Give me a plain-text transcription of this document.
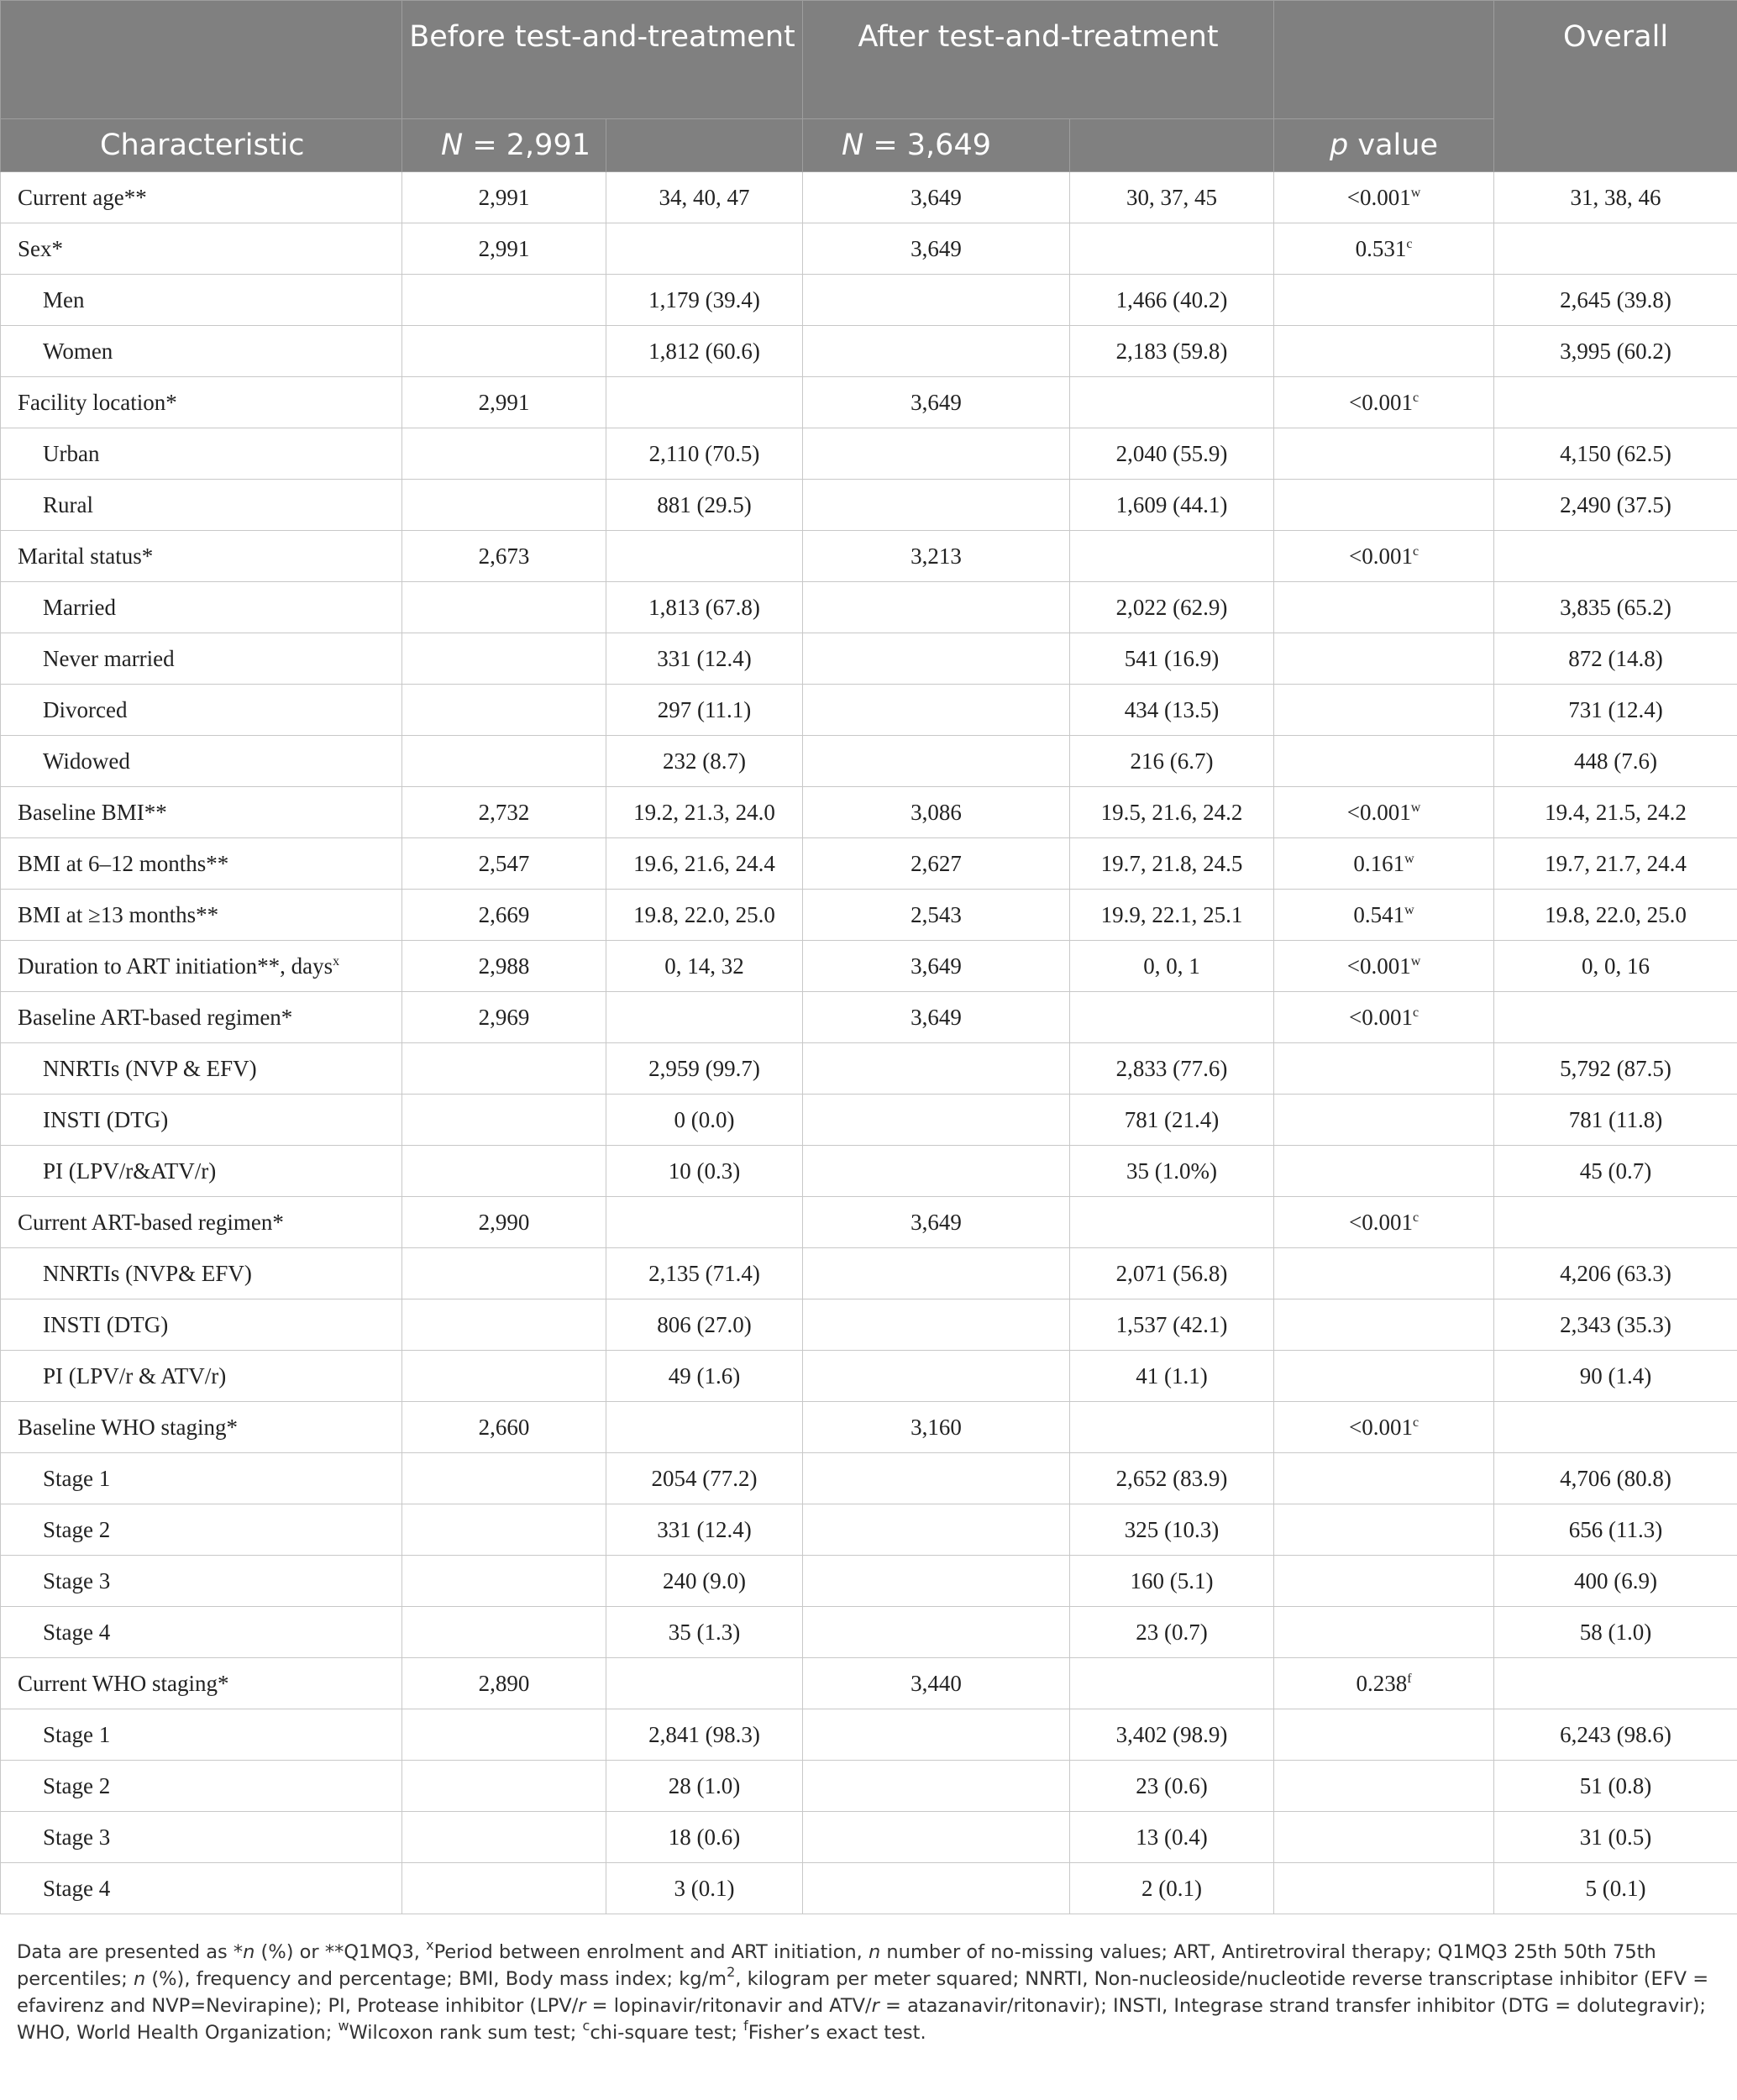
	Before test-and-treatment		After test-and-treatment			Overall
Characteristic	N = 2,991		N = 3,649		p value	
Current age**	2,991	34, 40, 47	3,649	30, 37, 45	$<0.001^w$	31, 38, 46
Sex*	2,991		3,649		0.531$^c$	
Men		1,179 (39.4)		1,466 (40.2)		2,645 (39.8)
Women		1,812 (60.6)		2,183 (59.8)		3,995 (60.2)
Facility location*	2,991		3,649		<0.001$^c$	
Urban		2,110 (70.5)		2,040 (55.9)		4,150 (62.5)
Rural		881 (29.5)		1,609 (44.1)		2,490 (37.5)
Marital status*	2,673		3,213		<0.001$^c$	
Married		1,813 (67.8)		2,022 (62.9)		3,835 (65.2)
Never married		331 (12.4)		541 (16.9)		872 (14.8)
Divorced		297 (11.1)		434 (13.5)		731 (12.4)
Widowed		232 (8.7)		216 (6.7)		448 (7.6)
Baseline BMI**	2,732	19.2, 21.3, 24.0	3,086	19.5, 21.6, 24.2	$<0.001^w$	19.4, 21.5, 24.2
BMI at 6–12 months**	2,547	19.6, 21.6, 24.4	2,627	19.7, 21.8, 24.5	0.161$^w$	19.7, 21.7, 24.4
BMI at ≥13 months**	2,669	19.8, 22.0, 25.0	2,543	19.9, 22.1, 25.1	0.541$^w$	19.8, 22.0, 25.0
Duration to ART initiation**, days$^x$	2,988	0, 14, 32	3,649	0, 0, 1	$<0.001^w$	0, 0, 16
Baseline ART-based regimen*	2,969		3,649		<0.001$^c$	
NNRTIs (NVP & EFV)		2,959 (99.7)		2,833 (77.6)		5,792 (87.5)
INSTI (DTG)		0 (0.0)		781 (21.4)		781 (11.8)
PI (LPV/r&ATV/r)		10 (0.3)		35 (1.0%)		45 (0.7)
Current ART-based regimen*	2,990		3,649		<0.001$^c$	
NNRTIs (NVP& EFV)		2,135 (71.4)		2,071 (56.8)		4,206 (63.3)
INSTI (DTG)		806 (27.0)		1,537 (42.1)		2,343 (35.3)
PI (LPV/r & ATV/r)		49 (1.6)		41 (1.1)		90 (1.4)
Baseline WHO staging*	2,660		3,160		<0.001$^c$	
Stage 1		2054 (77.2)		2,652 (83.9)		4,706 (80.8)
Stage 2		331 (12.4)		325 (10.3)		656 (11.3)
Stage 3		240 (9.0)		160 (5.1)		400 (6.9)
Stage 4		35 (1.3)		23 (0.7)		58 (1.0)
Current WHO staging*	2,890		3,440		0.238$^f$	
Stage 1		2,841 (98.3)		3,402 (98.9)		6,243 (98.6)
Stage 2		28 (1.0)		23 (0.6)		51 (0.8)
Stage 3		18 (0.6)		13 (0.4)		31 (0.5)
Stage 4		3 (0.1)		2 (0.1)		5 (0.1)
Data are presented as *n (%) or **Q1MQ3, $^x$Period between enrolment and ART initiation, n number of no-missing values; ART, Antiretroviral therapy; Q1MQ3 25th 50th 75th percentiles; n (%), frequency and percentage; BMI, Body mass index; $kg/m^2$, kilogram per meter squared; NNRTI, Non-nucleoside/nucleotide reverse transcriptase inhibitor (EFV = efavirenz and NVP=Nevirapine); PI, Protease inhibitor (LPV/r = lopinavir/ritonavir and ATV/r = atazanavir/ritonavir); INSTI, Integrase strand transfer inhibitor (DTG = dolutegravir); WHO, World Health Organization; $^w$Wilcoxon rank sum test; $^c$chi-square test; $^f$Fisher’s exact test.
